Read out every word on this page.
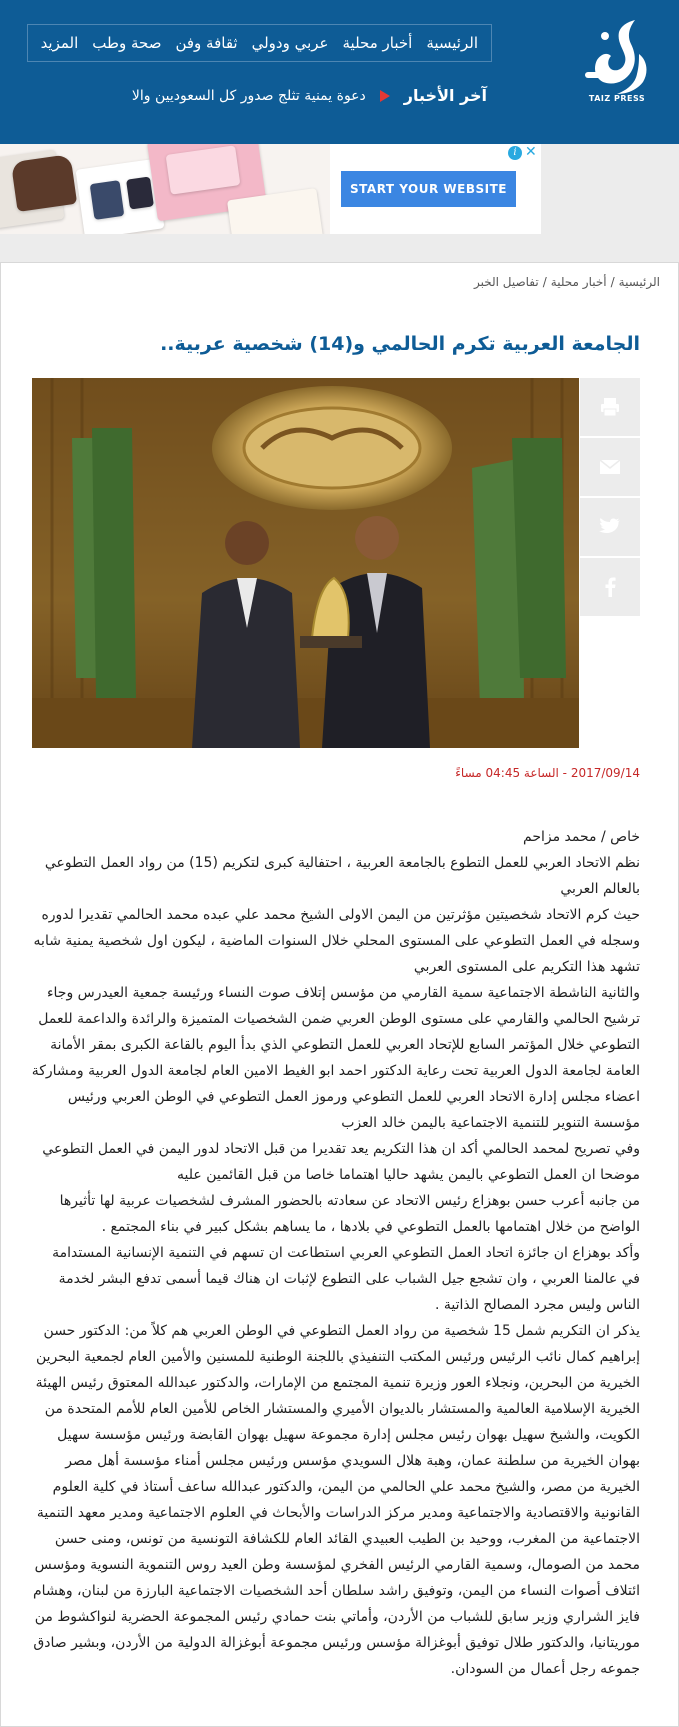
TAIZ PRESS
الرئيسية
أخبار محلية
عربي ودولي
ثقافة وفن
صحة وطب
المزيد
آخر الأخبار
دعوة يمنية تثلج صدور كل السعوديين والا
START YOUR WEBSITE
i ✕
الرئيسية
/
أخبار محلية
/
تفاصيل الخبر
الجامعة العربية تكرم الحالمي و(14) شخصية عربية..
2017/09/14 - الساعة 04:45 مساءً

خاص / محمد مزاحم

نظم الاتحاد العربي للعمل التطوع بالجامعة العربية ، احتفالية كبرى لتكريم (15) من رواد العمل التطوعي بالعالم العربي

حيث كرم الاتحاد شخصيتين مؤثرتين من اليمن الاولى الشيخ محمد علي عبده محمد الحالمي تقديرا لدوره وسجله في العمل التطوعي على المستوى المحلي خلال السنوات الماضية ، ليكون اول شخصية يمنية شابه تشهد هذا التكريم على المستوى العربي

والثانية الناشطة الاجتماعية سمية القارمي من مؤسس إتلاف صوت النساء ورئيسة جمعية العيدرس وجاء ترشيح الحالمي والقارمي على مستوى الوطن العربي ضمن الشخصيات المتميزة والرائدة والداعمة للعمل التطوعي خلال المؤتمر السابع للإتحاد العربي للعمل التطوعي الذي بدأ اليوم بالقاعة الكبرى بمقر الأمانة العامة لجامعة الدول العربية تحت رعاية الدكتور احمد ابو الغيط الامين العام لجامعة الدول العربية ومشاركة اعضاء مجلس إدارة الاتحاد العربي للعمل التطوعي ورموز العمل التطوعي في الوطن العربي ورئيس مؤسسة التنوير للتنمية الاجتماعية باليمن خالد العزب

وفي تصريح لمحمد الحالمي أكد ان هذا التكريم يعد تقديرا من قبل الاتحاد لدور اليمن في العمل التطوعي موضحا ان العمل التطوعي باليمن يشهد حاليا اهتماما خاصا من قبل القائمين عليه

من جانبه أعرب حسن بوهزاع رئيس الاتحاد عن سعادته بالحضور المشرف لشخصيات عربية لها تأثيرها الواضح من خلال اهتمامها بالعمل التطوعي في بلادها ، ما يساهم بشكل كبير في بناء المجتمع .

وأكد بوهزاع ان جائزة اتحاد العمل التطوعي العربي استطاعت ان تسهم في التنمية الإنسانية المستدامة في عالمنا العربي ، وان تشجع جيل الشباب على التطوع لإثبات ان هناك قيما أسمى تدفع البشر لخدمة الناس وليس مجرد المصالح الذاتية .

يذكر ان التكريم شمل 15 شخصية من رواد العمل التطوعي في الوطن العربي هم كلاً من: الدكتور حسن إبراهيم كمال نائب الرئيس ورئيس المكتب التنفيذي باللجنة الوطنية للمسنين والأمين العام لجمعية البحرين الخيرية من البحرين، ونجلاء العور وزيرة تنمية المجتمع من الإمارات، والدكتور عبدالله المعتوق رئيس الهيئة الخيرية الإسلامية العالمية والمستشار بالديوان الأميري والمستشار الخاص للأمين العام للأمم المتحدة من الكويت، والشيخ سهيل بهوان رئيس مجلس إدارة مجموعة سهيل بهوان القابضة ورئيس مؤسسة سهيل بهوان الخيرية من سلطنة عمان، وهبة هلال السويدي مؤسس ورئيس مجلس أمناء مؤسسة أهل مصر الخيرية من مصر، والشيخ محمد علي الحالمي من اليمن، والدكتور عبدالله ساعف أستاذ في كلية العلوم القانونية والاقتصادية والاجتماعية ومدير مركز الدراسات والأبحاث في العلوم الاجتماعية ومدير معهد التنمية الاجتماعية من المغرب، ووحيد بن الطيب العبيدي القائد العام للكشافة التونسية من تونس، ومنى حسن محمد من الصومال، وسمية القارمي الرئيس الفخري لمؤسسة وطن العيد روس التنموية النسوية ومؤسس ائتلاف أصوات النساء من اليمن، وتوفيق راشد سلطان أحد الشخصيات الاجتماعية البارزة من لبنان، وهشام فايز الشراري وزير سابق للشباب من الأردن، وأماتي بنت حمادي رئيس المجموعة الحضرية لنواكشوط من موريتانيا، والدكتور طلال توفيق أبوغزالة مؤسس ورئيس مجموعة أبوغزالة الدولية من الأردن، وبشير صادق جموعه رجل أعمال من السودان.
